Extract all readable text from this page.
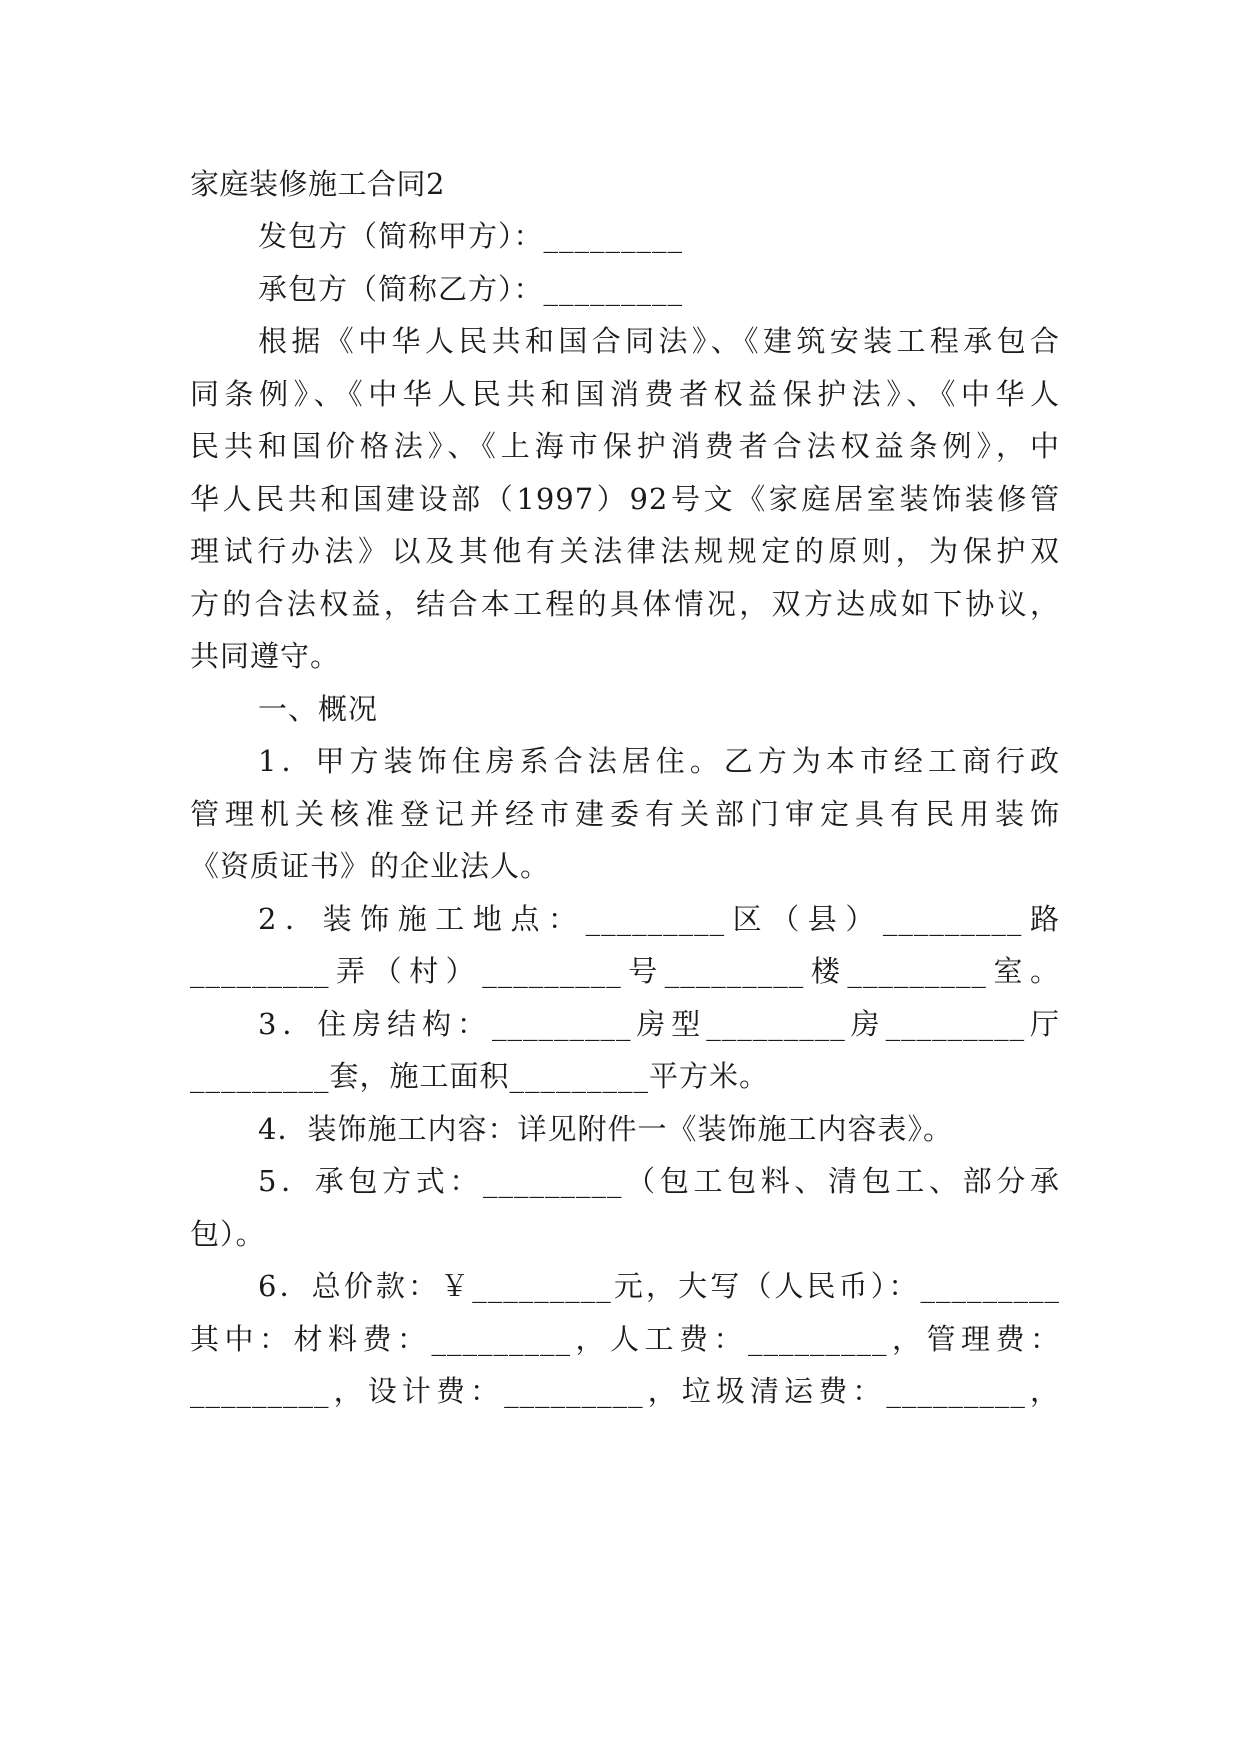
家庭装修施工合同2
发包方（简称甲方）：_________
承包方（简称乙方）：_________
根据《中华人民共和国合同法》、《建筑安装工程承包合
同条例》、《中华人民共和国消费者权益保护法》、《中华人
民共和国价格法》、《上海市保护消费者合法权益条例》，中
华人民共和国建设部（1997）92号文《家庭居室装饰装修管
理试行办法》以及其他有关法律法规规定的原则，为保护双
方的合法权益，结合本工程的具体情况，双方达成如下协议，
共同遵守。
一、概况
1．甲方装饰住房系合法居住。乙方为本市经工商行政
管理机关核准登记并经市建委有关部门审定具有民用装饰
《资质证书》的企业法人。
2．装饰施工地点：_________区（县）_________路
_________弄（村）_________号_________楼_________室。
3．住房结构：_________房型_________房_________厅
_________套，施工面积_________平方米。
4．装饰施工内容：详见附件一《装饰施工内容表》。
5．承包方式：_________（包工包料、清包工、部分承
包）。
6．总价款：￥_________元，大写（人民币）：_________
其中：材料费：_________，人工费：_________，管理费：
_________，设计费：_________，垃圾清运费：_________，
